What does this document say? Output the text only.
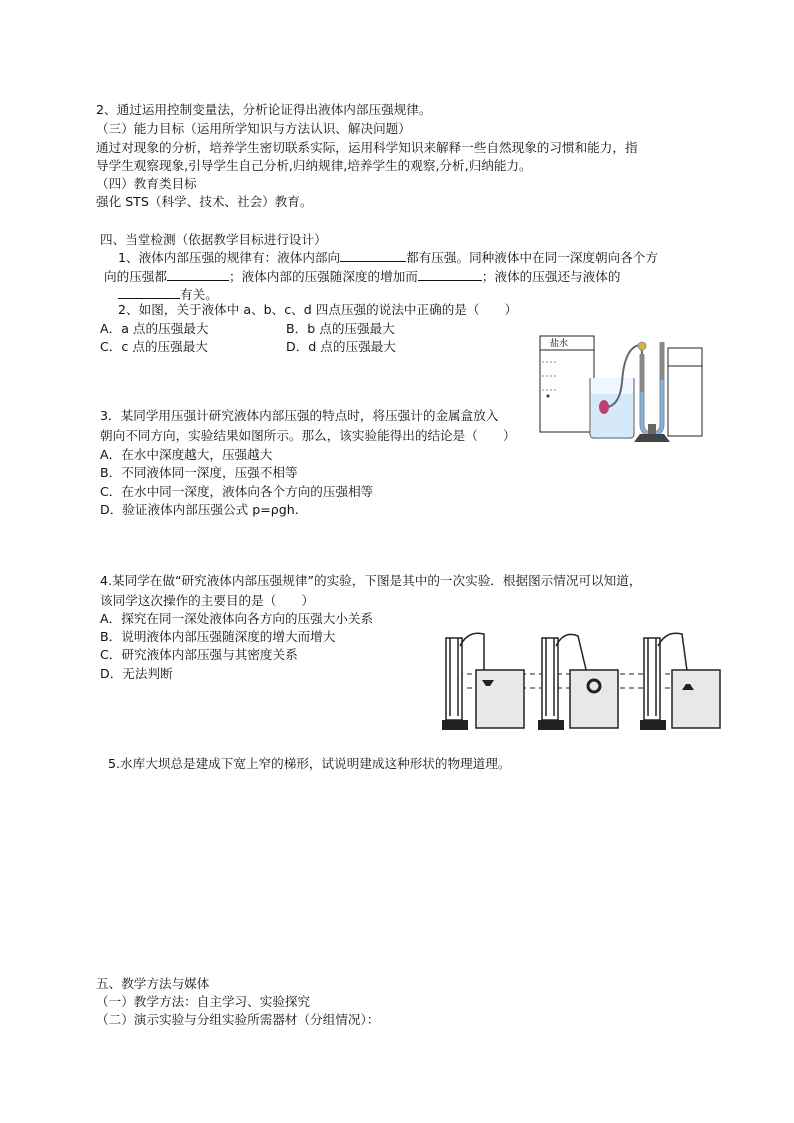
2、通过运用控制变量法，分析论证得出液体内部压强规律。
（三）能力目标（运用所学知识与方法认识、解决问题）
通过对现象的分析，培养学生密切联系实际，运用科学知识来解释一些自然现象的习惯和能力，指
导学生观察现象,引导学生自己分析,归纳规律,培养学生的观察,分析,归纳能力。
（四）教育类目标
强化 STS（科学、技术、社会）教育。
四、当堂检测（依据教学目标进行设计）
1、液体内部压强的规律有：液体内部向	都有压强。同种液体中在同一深度朝向各个方
向的压强都	；液体内部的压强随深度的增加而	；液体的压强还与液体的
有关。
2、如图，关于液体中 a、b、c、d 四点压强的说法中正确的是（　　）
A．a 点的压强最大	B．b 点的压强最大
C．c 点的压强最大	D．d 点的压强最大	盐水
3．某同学用压强计研究液体内部压强的特点时，将压强计的金属盒放入
朝向不同方向，实验结果如图所示。那么，该实验能得出的结论是（　　）
A．在水中深度越大，压强越大
B．不同液体同一深度，压强不相等
C．在水中同一深度，液体向各个方向的压强相等
D．验证液体内部压强公式 p=ρgh.
4.某同学在做“研究液体内部压强规律”的实验，下图是其中的一次实验．根据图示情况可以知道，
该同学这次操作的主要目的是（　　）
A．探究在同一深处液体向各方向的压强大小关系
B．说明液体内部压强随深度的增大而增大
C．研究液体内部压强与其密度关系
D．无法判断
5.水库大坝总是建成下宽上窄的梯形，试说明建成这种形状的物理道理。
五、教学方法与媒体
（一）教学方法：自主学习、实验探究
（二）演示实验与分组实验所需器材（分组情况）：
